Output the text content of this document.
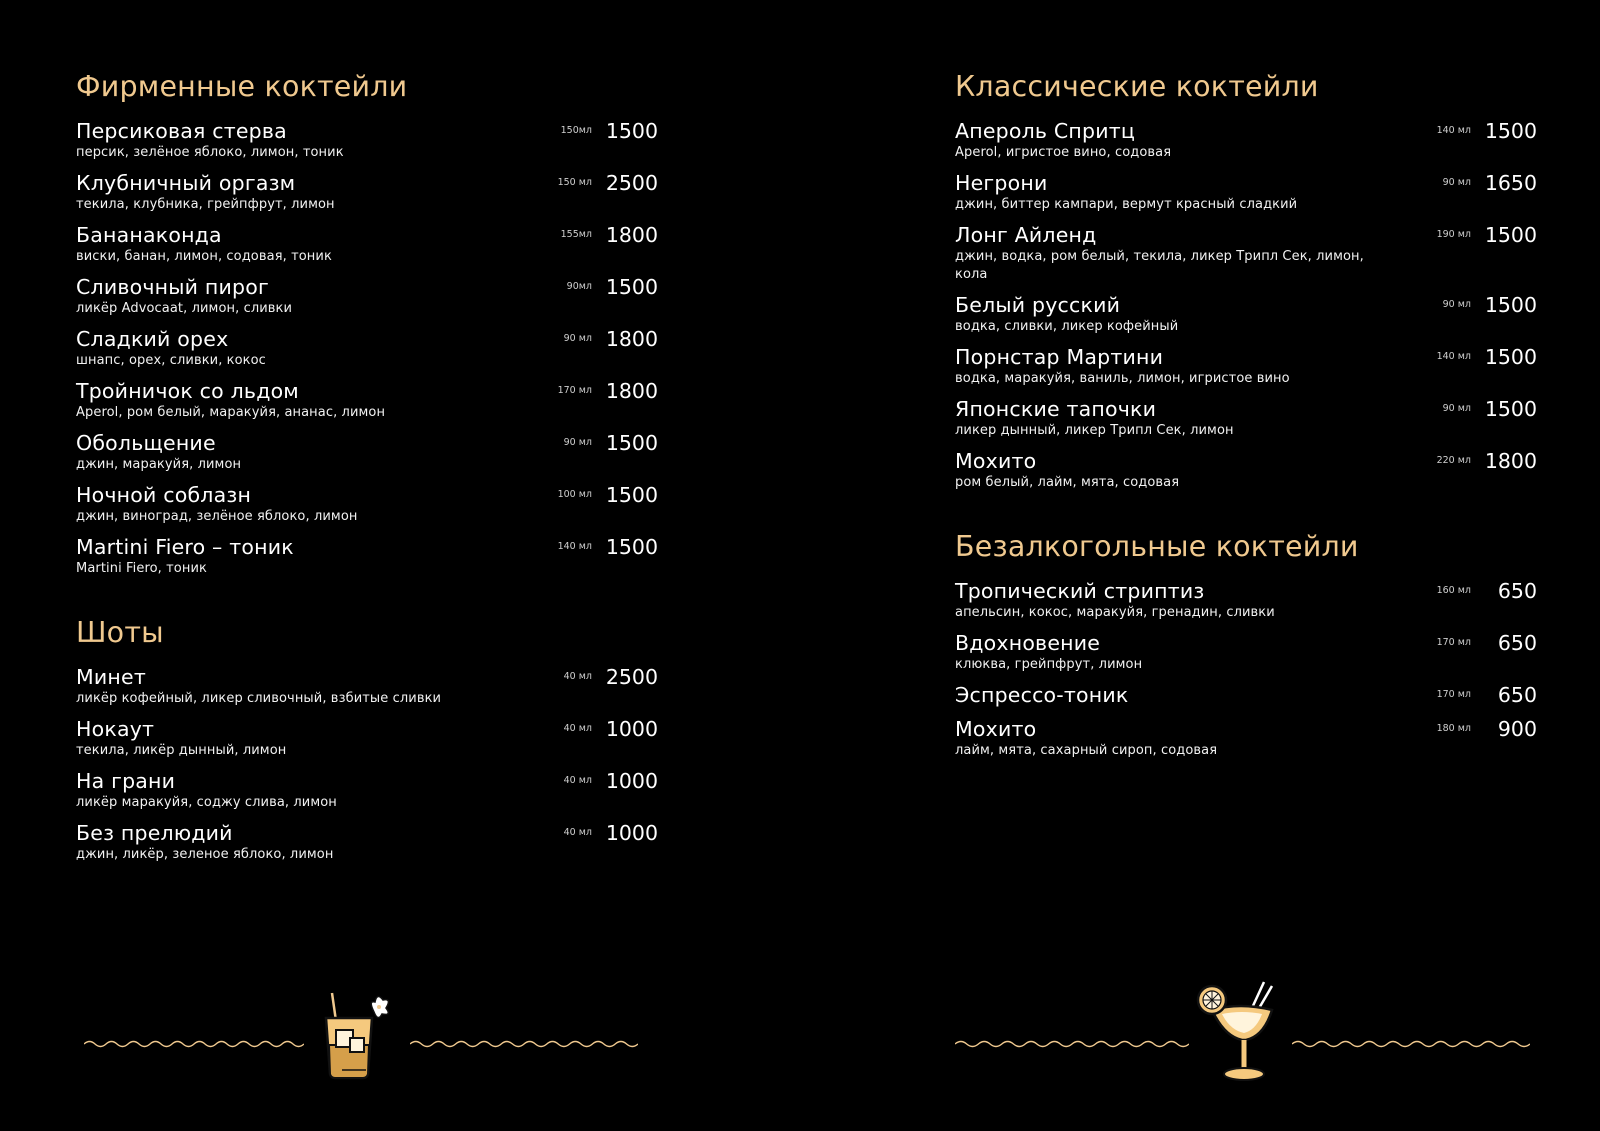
Фирменные коктейли
Персиковая стерва
персик, зелёное яблоко, лимон, тоник
150мл 1500
Клубничный оргазм
текила, клубника, грейпфрут, лимон
150 мл 2500
Бананаконда
виски, банан, лимон, содовая, тоник
155мл 1800
Сливочный пирог
ликёр Advocaat, лимон, сливки
90мл 1500
Сладкий орех
шнапс, орех, сливки, кокос
90 мл 1800
Тройничок со льдом
Aperol, ром белый, маракуйя, ананас, лимон
170 мл 1800
Обольщение
джин, маракуйя, лимон
90 мл 1500
Ночной соблазн
джин, виноград, зелёное яблоко, лимон
100 мл 1500
Martini Fiero – тоник
Martini Fiero, тоник
140 мл 1500
Шоты
Минет
ликёр кофейный, ликер сливочный, взбитые сливки
40 мл 2500
Нокаут
текила, ликёр дынный, лимон
40 мл 1000
На грани
ликёр маракуйя, соджу слива, лимон
40 мл 1000
Без прелюдий
джин, ликёр, зеленое яблоко, лимон
40 мл 1000
Классические коктейли
Апероль Спритц
Aperol, игристое вино, содовая
140 мл 1500
Негрони
джин, биттер кампари, вермут красный сладкий
90 мл 1650
Лонг Айленд
джин, водка, ром белый, текила, ликер Трипл Сек, лимон, кола
190 мл 1500
Белый русский
водка, сливки, ликер кофейный
90 мл 1500
Порнстар Мартини
водка, маракуйя, ваниль, лимон, игристое вино
140 мл 1500
Японские тапочки
ликер дынный, ликер Трипл Сек, лимон
90 мл 1500
Мохито
ром белый, лайм, мята, содовая
220 мл 1800
Безалкогольные коктейли
Тропический стриптиз
апельсин, кокос, маракуйя, гренадин, сливки
160 мл 650
Вдохновение
клюква, грейпфрут, лимон
170 мл 650
Эспрессо-тоник	170 мл 650
Мохито
лайм, мята, сахарный сироп, содовая
180 мл 900
